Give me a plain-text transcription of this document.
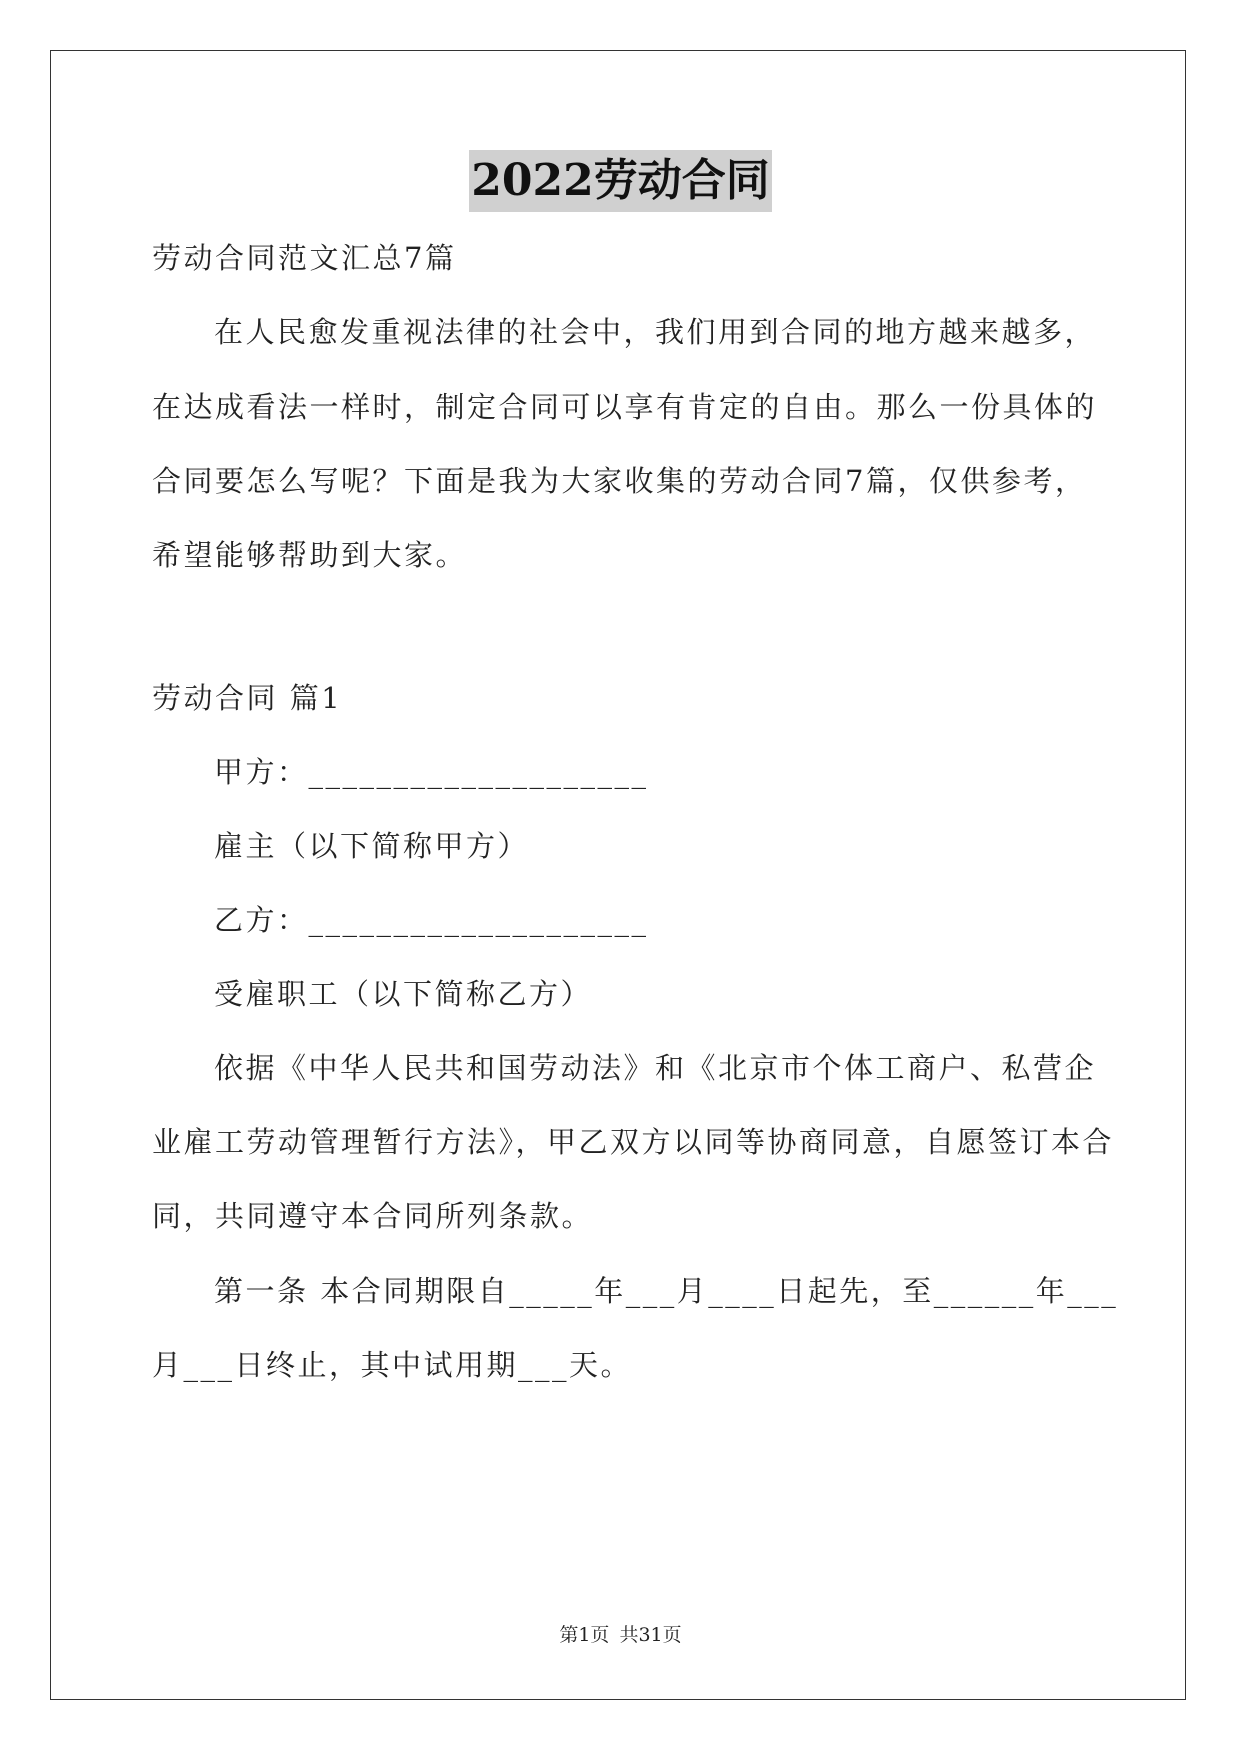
2022劳动合同
劳动合同范文汇总7篇
在人民愈发重视法律的社会中，我们用到合同的地方越来越多，
在达成看法一样时，制定合同可以享有肯定的自由。那么一份具体的
合同要怎么写呢？下面是我为大家收集的劳动合同7篇，仅供参考，
希望能够帮助到大家。
劳动合同 篇1
甲方：____________________
雇主（以下简称甲方）
乙方：____________________
受雇职工（以下简称乙方）
依据《中华人民共和国劳动法》和《北京市个体工商户、私营企
业雇工劳动管理暂行方法》，甲乙双方以同等协商同意，自愿签订本合
同，共同遵守本合同所列条款。
第一条 本合同期限自_____年___月____日起先，至______年___
月___日终止，其中试用期___天。
第1页 共31页
